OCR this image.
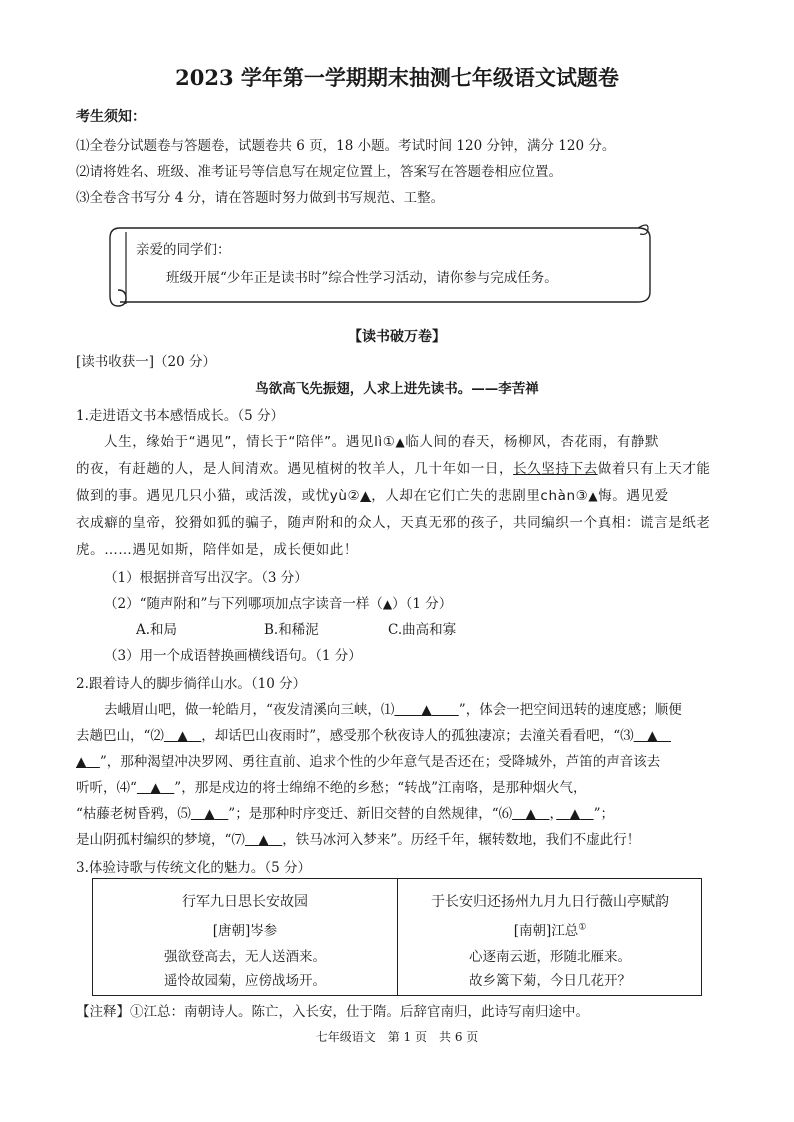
2023 学年第一学期期末抽测七年级语文试题卷
考生须知：
⑴全卷分试题卷与答题卷，试题卷共 6 页，18 小题。考试时间 120 分钟，满分 120 分。
⑵请将姓名、班级、准考证号等信息写在规定位置上，答案写在答题卷相应位置。
⑶全卷含书写分 4 分，请在答题时努力做到书写规范、工整。
亲爱的同学们：
班级开展“少年正是读书时”综合性学习活动，请你参与完成任务。
【读书破万卷】
[读书收获一]（20 分）
鸟欲高飞先振翅，人求上进先读书。——李苦禅
1.走进语文书本感悟成长。（5 分）
人生，缘始于“遇见”，情长于“陪伴”。遇见lì①▲临人间的春天，杨柳风，杏花雨，有静默
的夜，有赶趟的人，是人间清欢。遇见植树的牧羊人，几十年如一日，长久坚持下去做着只有上天才能
做到的事。遇见几只小猫，或活泼，或忧yù②▲，人却在它们亡失的悲剧里chàn③▲悔。遇见爱
衣成癖的皇帝，狡猾如狐的骗子，随声附和的众人，天真无邪的孩子，共同编织一个真相：谎言是纸老
虎。……遇见如斯，陪伴如是，成长便如此！
（1）根据拼音写出汉字。（3 分）
（2）“随声附和”与下列哪项加点字读音一样（▲）（1 分）
A.和局	B.和稀泥	C.曲高和寡
（3）用一个成语替换画横线语句。（1 分）
2.跟着诗人的脚步徜徉山水。（10 分）
去峨眉山吧，做一轮皓月，“夜发清溪向三峡，⑴　　 ▲　　 ”，体会一把空间迅转的速度感；顺便
去趟巴山，“⑵　 ▲　 ，却话巴山夜雨时”，感受那个秋夜诗人的孤独凄凉；去潼关看看吧，“⑶　 ▲　
▲　 ”，那种渴望冲决罗网、勇往直前、追求个性的少年意气是否还在；受降城外，芦笛的声音该去
听听，⑷“　 ▲　 ”，那是戍边的将士绵绵不绝的乡愁；“转战”江南咯，是那种烟火气，
“枯藤老树昏鸦，⑸　 ▲　 ”；是那种时序变迁、新旧交替的自然规律，“⑹　 ▲　 ，　 ▲　 ”；
是山阴孤村编织的梦境，“⑺　 ▲　 ，铁马冰河入梦来”。历经千年，辗转数地，我们不虚此行！
3.体验诗歌与传统文化的魅力。（5 分）
行军九日思长安故园
[唐朝]岑参
强欲登高去，无人送酒来。
遥怜故园菊，应傍战场开。
于长安归还扬州九月九日行薇山亭赋韵
[南朝]江总①
心逐南云逝，形随北雁来。
故乡篱下菊，今日几花开？
【注释】①江总：南朝诗人。陈亡，入长安，仕于隋。后辞官南归，此诗写南归途中。
七年级语文　第 1 页　共 6 页
